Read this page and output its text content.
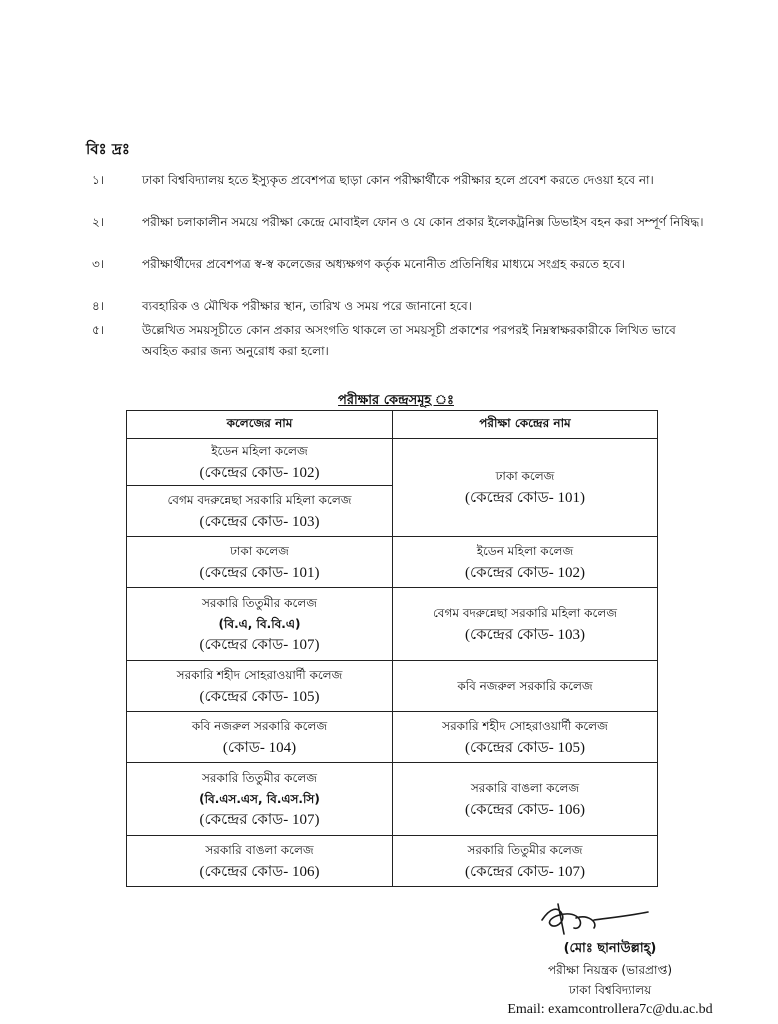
বিঃ দ্রঃ
১।	ঢাকা বিশ্ববিদ্যালয় হতে ইস্যুকৃত প্রবেশপত্র ছাড়া কোন পরীক্ষার্থীকে পরীক্ষার হলে প্রবেশ করতে দেওয়া হবে না।
২।	পরীক্ষা চলাকালীন সময়ে পরীক্ষা কেন্দ্রে মোবাইল ফোন ও যে কোন প্রকার ইলেকট্রনিক্স ডিভাইস বহন করা সম্পূর্ণ নিষিদ্ধ।
৩।	পরীক্ষার্থীদের প্রবেশপত্র স্ব-স্ব কলেজের অধ্যক্ষগণ কর্তৃক মনোনীত প্রতিনিধির মাধ্যমে সংগ্রহ করতে হবে।
৪।	ব্যবহারিক ও মৌখিক পরীক্ষার স্থান, তারিখ ও সময় পরে জানানো হবে।
৫।	উল্লেখিত সময়সূচীতে কোন প্রকার অসংগতি থাকলে তা সময়সূচী প্রকাশের পরপরই নিম্নস্বাক্ষরকারীকে লিখিত ভাবে অবহিত করার জন্য অনুরোধ করা হলো।
পরীক্ষার কেন্দ্রসমূহ ঃ
কলেজের নাম	পরীক্ষা কেন্দ্রের নাম

ইডেন মহিলা কলেজ
(কেন্দ্রের কোড- 102)	ঢাকা কলেজ
(কেন্দ্রের কোড- 101)

বেগম বদরুন্নেছা সরকারি মহিলা কলেজ
(কেন্দ্রের কোড- 103)	

ঢাকা কলেজ
(কেন্দ্রের কোড- 101)	ইডেন মহিলা কলেজ
(কেন্দ্রের কোড- 102)

সরকারি তিতুমীর কলেজ
(বি.এ, বি.বি.এ)
(কেন্দ্রের কোড- 107)	বেগম বদরুন্নেছা সরকারি মহিলা কলেজ
(কেন্দ্রের কোড- 103)

সরকারি শহীদ সোহরাওয়ার্দী কলেজ
(কেন্দ্রের কোড- 105)	কবি নজরুল সরকারি কলেজ

কবি নজরুল সরকারি কলেজ
(কোড- 104)	সরকারি শহীদ সোহরাওয়ার্দী কলেজ
(কেন্দ্রের কোড- 105)

সরকারি তিতুমীর কলেজ
(বি.এস.এস, বি.এস.সি)
(কেন্দ্রের কোড- 107)	সরকারি বাঙলা কলেজ
(কেন্দ্রের কোড- 106)

সরকারি বাঙলা কলেজ
(কেন্দ্রের কোড- 106)	সরকারি তিতুমীর কলেজ
(কেন্দ্রের কোড- 107)
(মোঃ ছানাউল্লাহ্)
পরীক্ষা নিয়ন্ত্রক (ভারপ্রাপ্ত)
ঢাকা বিশ্ববিদ্যালয়
Email: examcontrollera7c@du.ac.bd
